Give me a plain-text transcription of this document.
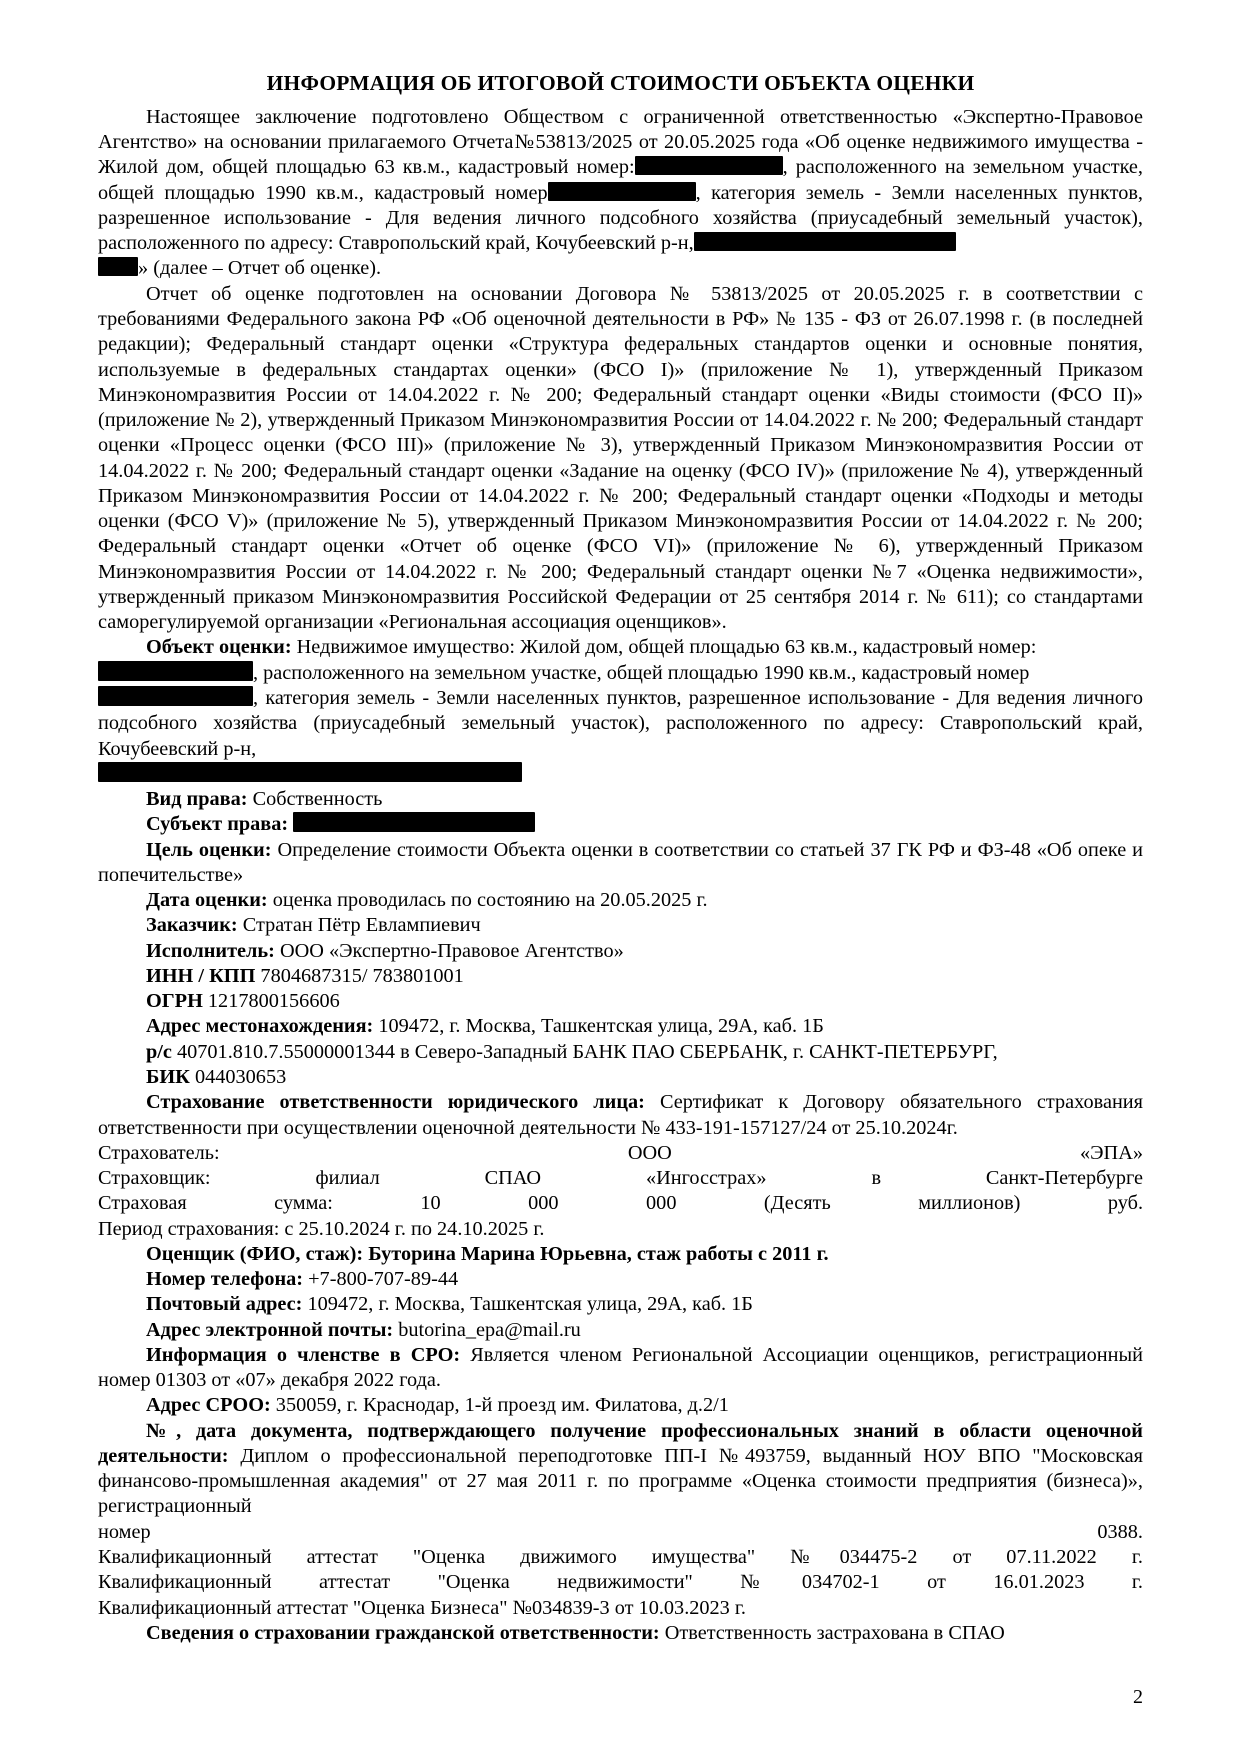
ИНФОРМАЦИЯ ОБ ИТОГОВОЙ СТОИМОСТИ ОБЪЕКТА ОЦЕНКИ

Настоящее заключение подготовлено Обществом с ограниченной ответственностью «Экспертно-Правовое Агентство» на основании прилагаемого Отчета№53813/2025 от 20.05.2025 года «Об оценке недвижимого имущества - Жилой дом, общей площадью 63 кв.м., кадастровый номер:	, расположенного на земельном участке, общей площадью 1990 кв.м., кадастровый номер	, категория земель - Земли населенных пунктов, разрешенное использование - Для ведения личного подсобного хозяйства (приусадебный земельный участок), расположенного по адресу: Ставропольский край, Кочубеевский р-н,
» (далее – Отчет об оценке).

Отчет об оценке подготовлен на основании Договора № 53813/2025 от 20.05.2025 г. в соответствии с требованиями Федерального закона РФ «Об оценочной деятельности в РФ» № 135 - ФЗ от 26.07.1998 г. (в последней редакции); Федеральный стандарт оценки «Структура федеральных стандартов оценки и основные понятия, используемые в федеральных стандартах оценки» (ФСО I)» (приложение № 1), утвержденный Приказом Минэкономразвития России от 14.04.2022 г. № 200; Федеральный стандарт оценки «Виды стоимости (ФСО II)» (приложение № 2), утвержденный Приказом Минэкономразвития России от 14.04.2022 г. № 200; Федеральный стандарт оценки «Процесс оценки (ФСО III)» (приложение № 3), утвержденный Приказом Минэкономразвития России от 14.04.2022 г. № 200; Федеральный стандарт оценки «Задание на оценку (ФСО IV)» (приложение № 4), утвержденный Приказом Минэкономразвития России от 14.04.2022 г. № 200; Федеральный стандарт оценки «Подходы и методы оценки (ФСО V)» (приложение № 5), утвержденный Приказом Минэкономразвития России от 14.04.2022 г. № 200; Федеральный стандарт оценки «Отчет об оценке (ФСО VI)» (приложение № 6), утвержденный Приказом Минэкономразвития России от 14.04.2022 г. № 200; Федеральный стандарт оценки №7 «Оценка недвижимости», утвержденный приказом Минэкономразвития Российской Федерации от 25 сентября 2014 г. № 611); со стандартами саморегулируемой организации «Региональная ассоциация оценщиков».

Объект оценки: Недвижимое имущество: Жилой дом, общей площадью 63 кв.м., кадастровый номер:
, расположенного на земельном участке, общей площадью 1990 кв.м., кадастровый номер
, категория земель - Земли населенных пунктов, разрешенное использование - Для ведения личного подсобного хозяйства (приусадебный земельный участок), расположенного по адресу: Ставропольский край, Кочубеевский р-н,

Вид права: Собственность

Субъект права:

Цель оценки: Определение стоимости Объекта оценки в соответствии со статьей 37 ГК РФ и ФЗ-48 «Об опеке и попечительстве»

Дата оценки: оценка проводилась по состоянию на 20.05.2025 г.

Заказчик: Стратан Пётр Евлампиевич

Исполнитель: ООО «Экспертно-Правовое Агентство»

ИНН / КПП 7804687315/ 783801001

ОГРН 1217800156606

Адрес местонахождения: 109472, г. Москва, Ташкентская улица, 29А, каб. 1Б

р/с 40701.810.7.55000001344 в Северо-Западный БАНК ПАО СБЕРБАНК, г. САНКТ-ПЕТЕРБУРГ,

БИК 044030653

Страхование ответственности юридического лица: Сертификат к Договору обязательного страхования ответственности при осуществлении оценочной деятельности № 433-191-157127/24 от 25.10.2024г.

Страхователь:	ООО	«ЭПА»

Страховщик:	филиал	СПАО	«Ингосстрах»	в	Санкт-Петербурге

Страховая	сумма:	10	000	000	(Десять	миллионов)	руб.

Период страхования: с 25.10.2024 г. по 24.10.2025 г.

Оценщик (ФИО, стаж): Буторина Марина Юрьевна, стаж работы с 2011 г.

Номер телефона: +7-800-707-89-44

Почтовый адрес: 109472, г. Москва, Ташкентская улица, 29А, каб. 1Б

Адрес электронной почты: butorina_epa@mail.ru

Информация о членстве в СРО: Является членом Региональной Ассоциации оценщиков, регистрационный номер 01303 от «07» декабря 2022 года.

Адрес СРОО: 350059, г. Краснодар, 1-й проезд им. Филатова, д.2/1

№, дата документа, подтверждающего получение профессиональных знаний в области оценочной деятельности: Диплом о профессиональной переподготовке ПП-I №493759, выданный НОУ ВПО "Московская финансово-промышленная академия" от 27 мая 2011 г. по программе «Оценка стоимости предприятия (бизнеса)», регистрационный

номер	0388.

Квалификационный аттестат "Оценка движимого имущества" №034475-2 от 07.11.2022 г.

Квалификационный аттестат "Оценка недвижимости" №034702-1 от 16.01.2023 г.

Квалификационный аттестат "Оценка Бизнеса" №034839-3 от 10.03.2023 г.

Сведения о страховании гражданской ответственности: Ответственность застрахована в СПАО

2
